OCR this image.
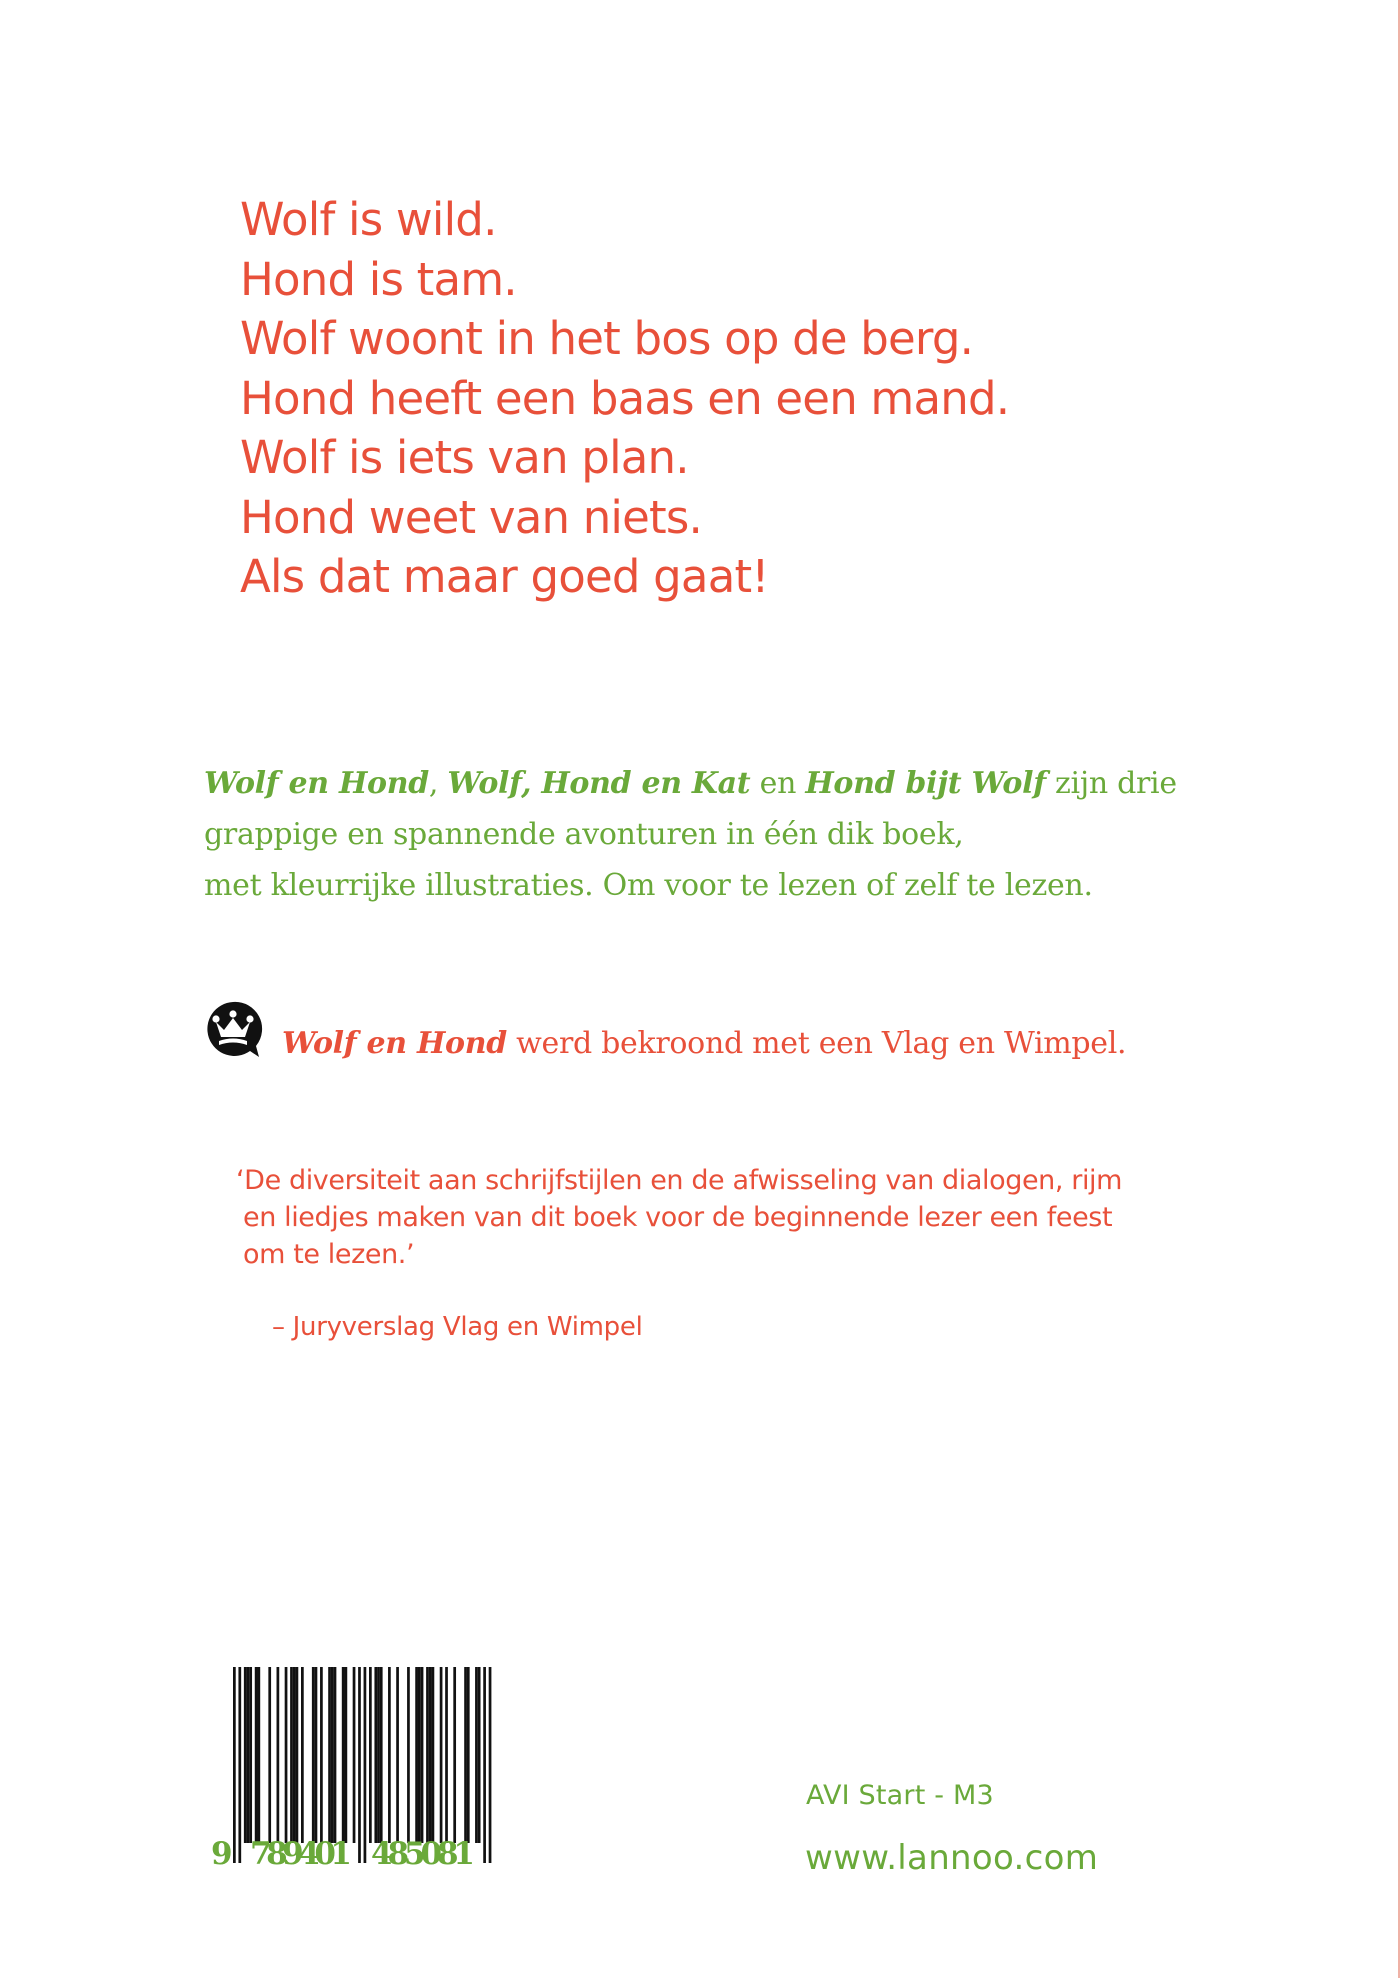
Wolf is wild.
Hond is tam.
Wolf woont in het bos op de berg.
Hond heeft een baas en een mand.
Wolf is iets van plan.
Hond weet van niets.
Als dat maar goed gaat!

Wolf en Hond, Wolf, Hond en Kat en Hond bijt Wolf zijn drie
grappige en spannende avonturen in één dik boek,
met kleurrijke illustraties. Om voor te lezen of zelf te lezen.

Wolf en Hond werd bekroond met een Vlag en Wimpel.

‘De diversiteit aan schrijfstijlen en de afwisseling van dialogen, rijm
en liedjes maken van dit boek voor de beginnende lezer een feest
om te lezen.’

– Juryverslag Vlag en Wimpel
9 789401 485081
AVI Start - M3
www.lannoo.com
